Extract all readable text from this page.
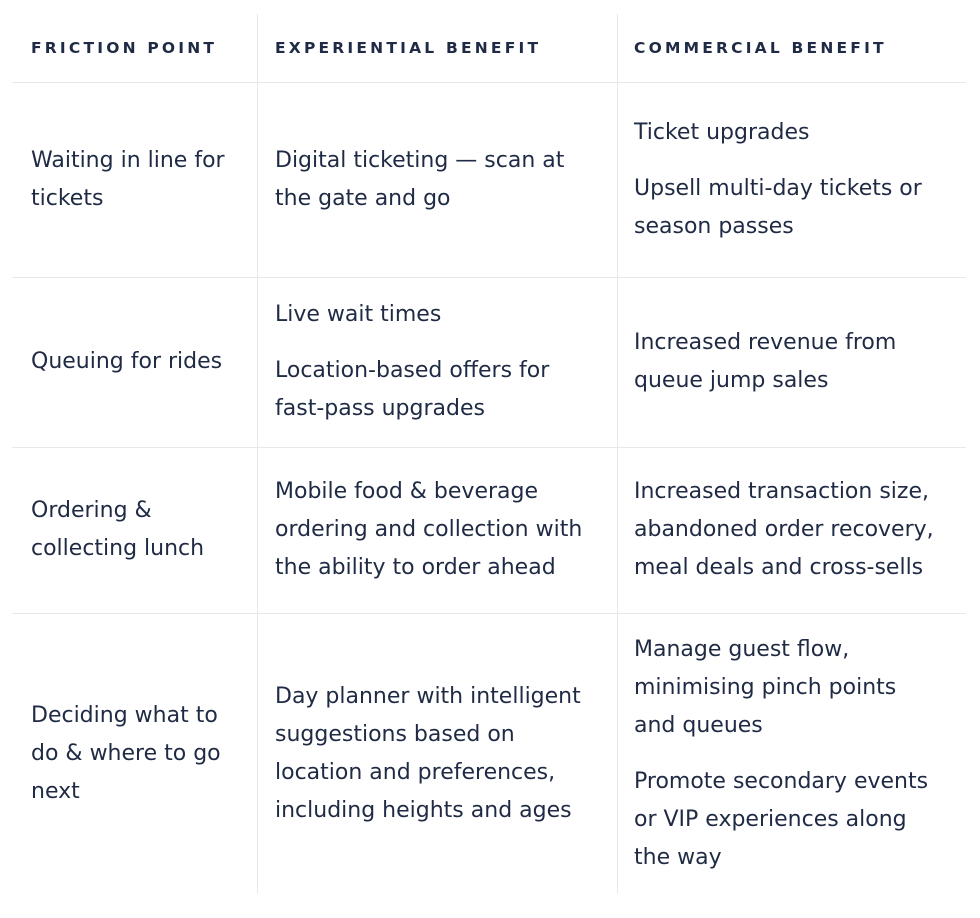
FRICTION POINT	EXPERIENTIAL BENEFIT	COMMERCIAL BENEFIT

Waiting in line for
tickets

Digital ticketing — scan at
the gate and go

Ticket upgrades

Upsell multi-day tickets or
season passes

Queuing for rides

Live wait times

Location-based offers for
fast-pass upgrades

Increased revenue from
queue jump sales

Ordering &
collecting lunch

Mobile food & beverage
ordering and collection with
the ability to order ahead

Increased transaction size,
abandoned order recovery,
meal deals and cross-sells

Deciding what to
do & where to go
next

Day planner with intelligent
suggestions based on
location and preferences,
including heights and ages

Manage guest flow,
minimising pinch points
and queues

Promote secondary events
or VIP experiences along
the way
